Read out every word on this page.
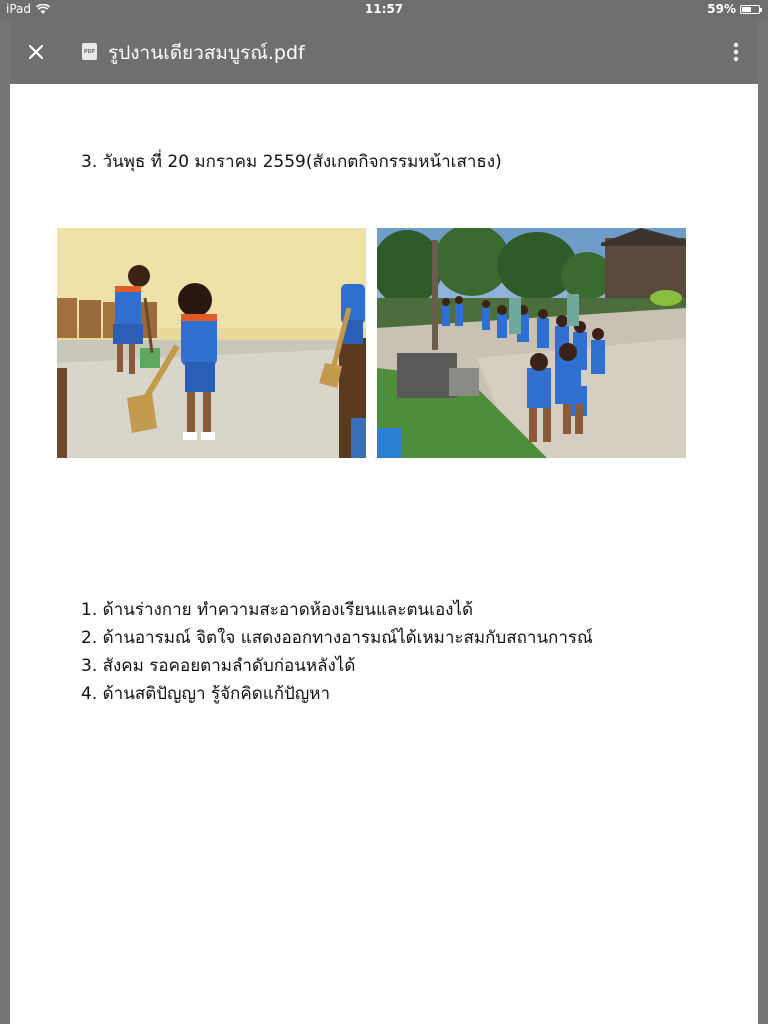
iPad	11:57	59%
PDF รูปงานเดียวสมบูรณ์.pdf
3. วันพุธ ที่ 20 มกราคม 2559(สังเกตกิจกรรมหน้าเสาธง)
1. ด้านร่างกาย ทำความสะอาดห้องเรียนและตนเองได้
2. ด้านอารมณ์ จิตใจ แสดงออกทางอารมณ์ได้เหมาะสมกับสถานการณ์
3. สังคม รอคอยตามลำดับก่อนหลังได้
4. ด้านสติปัญญา รู้จักคิดแก้ปัญหา
